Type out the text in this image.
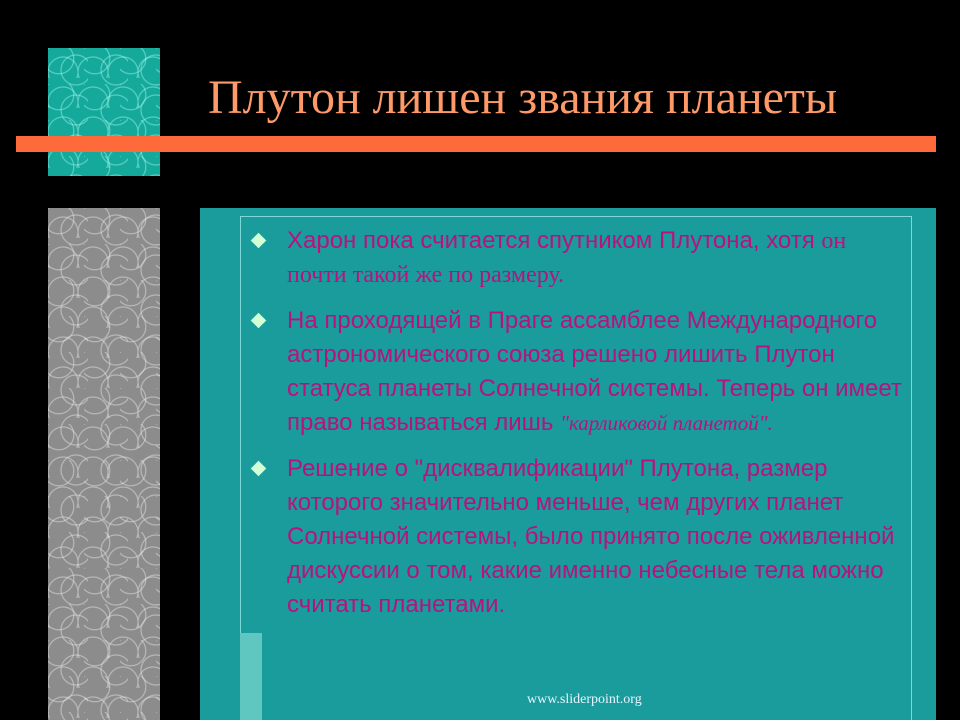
Плутон лишен звания планеты
Харон пока считается спутником Плутона, хотя он почти такой же по размеру.
На проходящей в Праге ассамблее Международного астрономического союза решено лишить Плутон статуса планеты Солнечной системы. Теперь он имеет право называться лишь "карликовой планетой".
Решение о "дисквалификации" Плутона, размер которого значительно меньше, чем других планет Солнечной системы, было принято после оживленной дискуссии о том, какие именно небесные тела можно считать планетами.

www.sliderpoint.org
